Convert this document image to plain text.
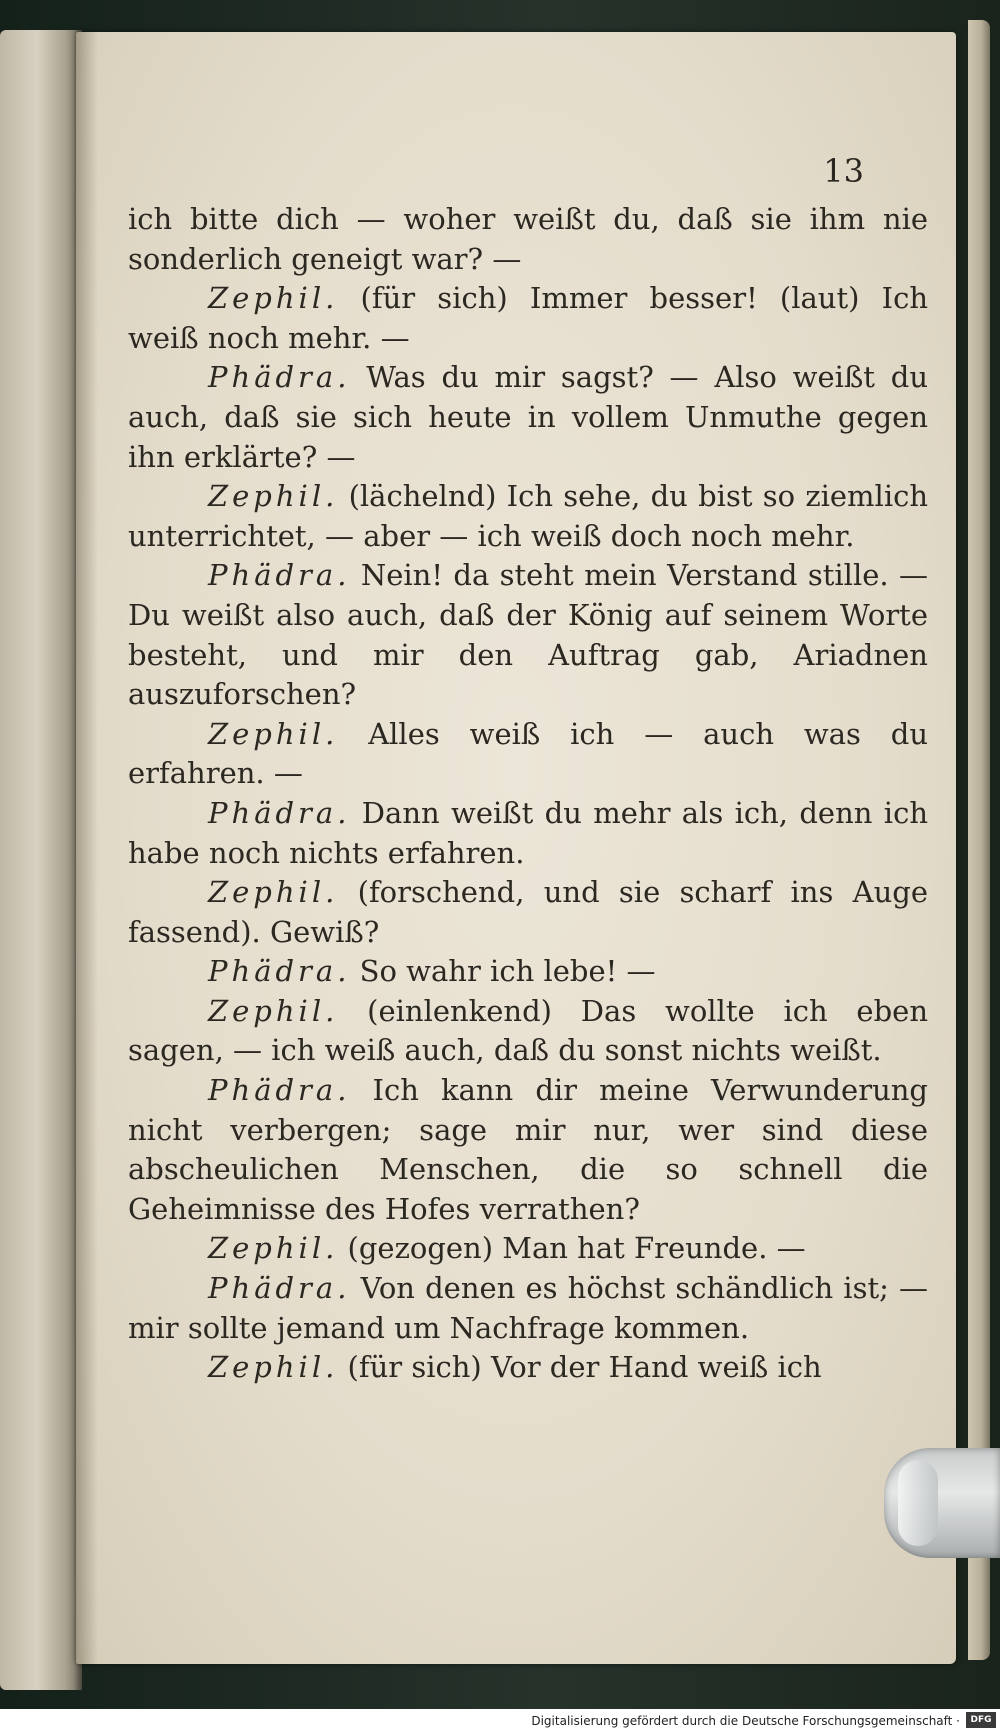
13

ich bitte dich — woher weißt du, daß sie ihm nie sonderlich geneigt war? —

Zephil. (für sich) Immer besser! (laut) Ich weiß noch mehr. —

Phädra. Was du mir sagst? — Also weißt du auch, daß sie sich heute in vollem Unmuthe gegen ihn erklärte? —

Zephil. (lächelnd) Ich sehe, du bist so ziemlich unterrichtet, — aber — ich weiß doch noch mehr.

Phädra. Nein! da steht mein Verstand stille. — Du weißt also auch, daß der König auf seinem Worte besteht, und mir den Auftrag gab, Ariadnen auszuforschen?

Zephil. Alles weiß ich — auch was du erfahren. —

Phädra. Dann weißt du mehr als ich, denn ich habe noch nichts erfahren.

Zephil. (forschend, und sie scharf ins Auge fassend). Gewiß?

Phädra. So wahr ich lebe! —

Zephil. (einlenkend) Das wollte ich eben sagen, — ich weiß auch, daß du sonst nichts weißt.

Phädra. Ich kann dir meine Verwunderung nicht verbergen; sage mir nur, wer sind diese abscheulichen Menschen, die so schnell die Geheimnisse des Hofes verrathen?

Zephil. (gezogen) Man hat Freunde. —

Phädra. Von denen es höchst schändlich ist; — mir sollte jemand um Nachfrage kommen.

Zephil. (für sich) Vor der Hand weiß ich

Digitalisierung gefördert durch die Deutsche Forschungsgemeinschaft ·	DFG
